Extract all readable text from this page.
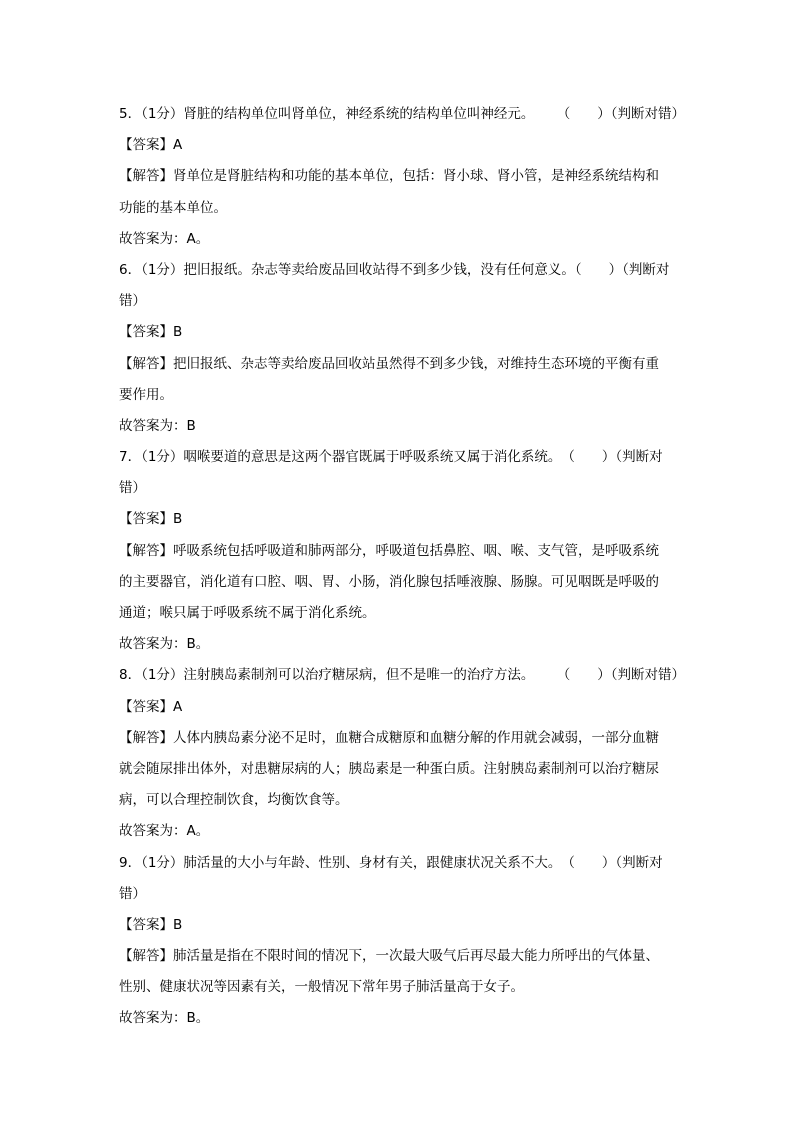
5．（1分）肾脏的结构单位叫肾单位，神经系统的结构单位叫神经元。 （　　）（判断对错）
【答案】A
【解答】肾单位是肾脏结构和功能的基本单位，包括：肾小球、肾小管，是神经系统结构和
功能的基本单位。
故答案为：A。
6．（1分）把旧报纸。杂志等卖给废品回收站得不到多少钱，没有任何意义。（　　）（判断对
错）
【答案】B
【解答】把旧报纸、杂志等卖给废品回收站虽然得不到多少钱，对维持生态环境的平衡有重
要作用。
故答案为：B
7．（1分）咽喉要道的意思是这两个器官既属于呼吸系统又属于消化系统。　（　　）（判断对
错）
【答案】B
【解答】呼吸系统包括呼吸道和肺两部分，呼吸道包括鼻腔、咽、喉、支气管，是呼吸系统
的主要器官，消化道有口腔、咽、胃、小肠，消化腺包括唾液腺、肠腺。可见咽既是呼吸的
通道；喉只属于呼吸系统不属于消化系统。
故答案为：B。
8．（1分）注射胰岛素制剂可以治疗糖尿病，但不是唯一的治疗方法。 （　　）（判断对错）
【答案】A
【解答】人体内胰岛素分泌不足时，血糖合成糖原和血糖分解的作用就会减弱，一部分血糖
就会随尿排出体外，对患糖尿病的人；胰岛素是一种蛋白质。注射胰岛素制剂可以治疗糖尿
病，可以合理控制饮食，均衡饮食等。
故答案为：A。
9．（1分）肺活量的大小与年龄、性别、身材有关，跟健康状况关系不大。　（　　）（判断对
错）
【答案】B
【解答】肺活量是指在不限时间的情况下，一次最大吸气后再尽最大能力所呼出的气体量、
性别、健康状况等因素有关，一般情况下常年男子肺活量高于女子。
故答案为：B。
